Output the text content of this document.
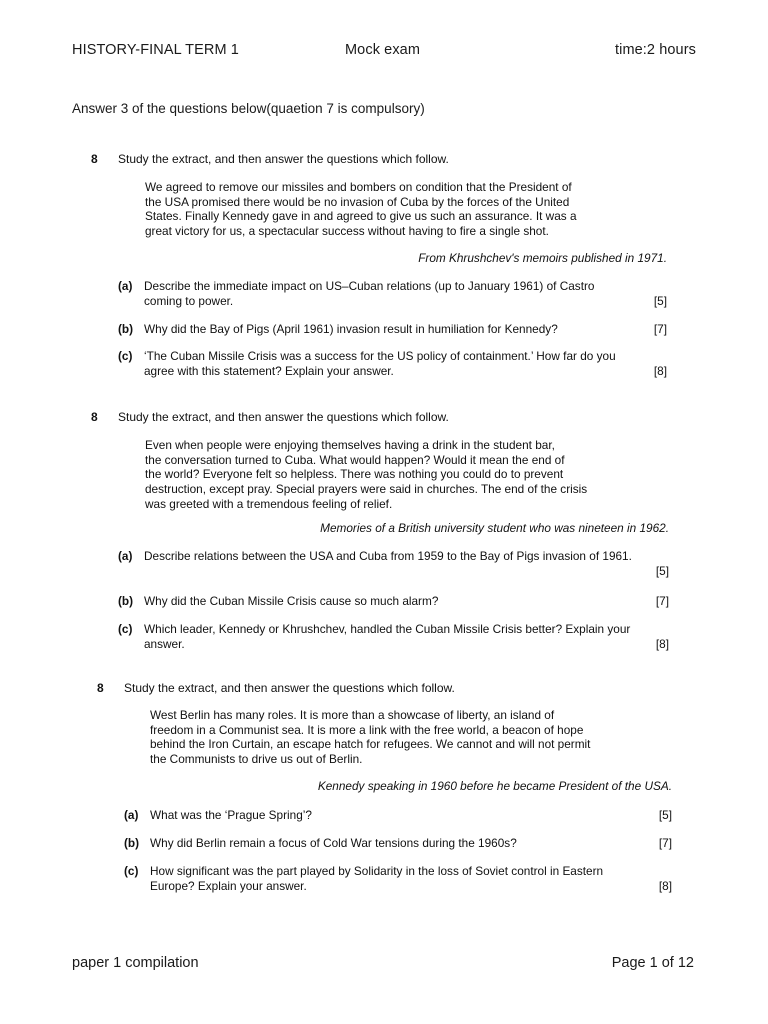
HISTORY-FINAL TERM 1	Mock exam	time:2 hours
Answer 3 of the questions below(quaetion 7 is compulsory)
8 Study the extract, and then answer the questions which follow.
We agreed to remove our missiles and bombers on condition that the President of
the USA promised there would be no invasion of Cuba by the forces of the United
States. Finally Kennedy gave in and agreed to give us such an assurance. It was a
great victory for us, a spectacular success without having to fire a single shot.
From Khrushchev's memoirs published in 1971.
(a) Describe the immediate impact on US–Cuban relations (up to January 1961) of Castro
coming to power.	[5]
(b) Why did the Bay of Pigs (April 1961) invasion result in humiliation for Kennedy?	[7]
(c) ‘The Cuban Missile Crisis was a success for the US policy of containment.’ How far do you
agree with this statement? Explain your answer.	[8]
8 Study the extract, and then answer the questions which follow.
Even when people were enjoying themselves having a drink in the student bar,
the conversation turned to Cuba. What would happen? Would it mean the end of
the world? Everyone felt so helpless. There was nothing you could do to prevent
destruction, except pray. Special prayers were said in churches. The end of the crisis
was greeted with a tremendous feeling of relief.
Memories of a British university student who was nineteen in 1962.
(a) Describe relations between the USA and Cuba from 1959 to the Bay of Pigs invasion of 1961.
[5]
(b) Why did the Cuban Missile Crisis cause so much alarm?	[7]
(c) Which leader, Kennedy or Khrushchev, handled the Cuban Missile Crisis better? Explain your
answer.	[8]
8 Study the extract, and then answer the questions which follow.
West Berlin has many roles. It is more than a showcase of liberty, an island of
freedom in a Communist sea. It is more a link with the free world, a beacon of hope
behind the Iron Curtain, an escape hatch for refugees. We cannot and will not permit
the Communists to drive us out of Berlin.
Kennedy speaking in 1960 before he became President of the USA.
(a) What was the ‘Prague Spring’?	[5]
(b) Why did Berlin remain a focus of Cold War tensions during the 1960s?	[7]
(c) How significant was the part played by Solidarity in the loss of Soviet control in Eastern
Europe? Explain your answer.	[8]
paper 1 compilation	Page 1 of 12
